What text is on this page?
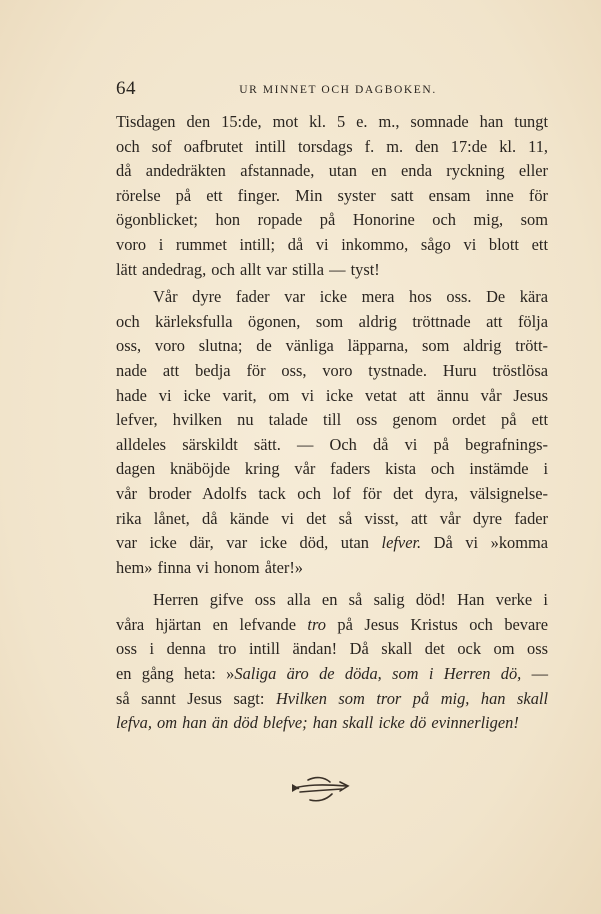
64	UR MINNET OCH DAGBOKEN.

Tisdagen den 15:de, mot kl. 5 e. m., somnade han tungt
och sof oafbrutet intill torsdags f. m. den 17:de kl. 11,
då andedräkten afstannade, utan en enda ryckning eller
rörelse på ett finger. Min syster satt ensam inne för
ögonblicket; hon ropade på Honorine och mig, som
voro i rummet intill; då vi inkommo, sågo vi blott ett
lätt andedrag, och allt var stilla — tyst!

Vår dyre fader var icke mera hos oss. De kära
och kärleksfulla ögonen, som aldrig tröttnade att följa
oss, voro slutna; de vänliga läpparna, som aldrig trött-
nade att bedja för oss, voro tystnade. Huru tröstlösa
hade vi icke varit, om vi icke vetat att ännu vår Jesus
lefver, hvilken nu talade till oss genom ordet på ett
alldeles särskildt sätt. — Och då vi på begrafnings-
dagen knäböjde kring vår faders kista och instämde i
vår broder Adolfs tack och lof för det dyra, välsignelse-
rika lånet, då kände vi det så visst, att vår dyre fader
var icke där, var icke död, utan lefver. Då vi »komma
hem» finna vi honom åter!»

Herren gifve oss alla en så salig död! Han verke i
våra hjärtan en lefvande tro på Jesus Kristus och bevare
oss i denna tro intill ändan! Då skall det ock om oss
en gång heta: »Saliga äro de döda, som i Herren dö, —
så sannt Jesus sagt: Hvilken som tror på mig, han skall
lefva, om han än död blefve; han skall icke dö evinnerligen!
